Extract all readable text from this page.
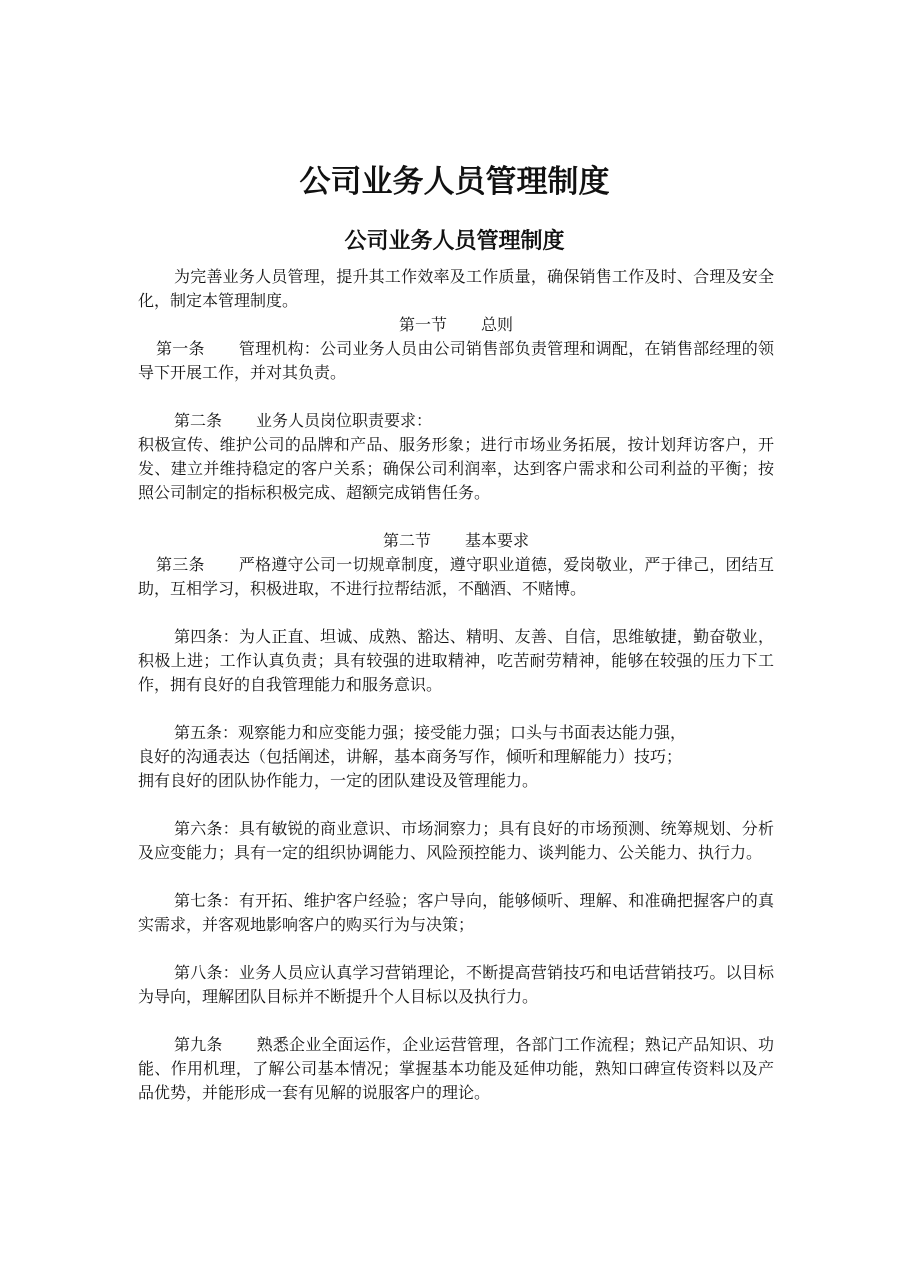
公司业务人员管理制度
公司业务人员管理制度

为完善业务人员管理，提升其工作效率及工作质量，确保销售工作及时、合理及安全化，制定本管理制度。

第一节 总则

第一条 管理机构：公司业务人员由公司销售部负责管理和调配，在销售部经理的领导下开展工作，并对其负责。

第二条 业务人员岗位职责要求：

积极宣传、维护公司的品牌和产品、服务形象；进行市场业务拓展，按计划拜访客户，开发、建立并维持稳定的客户关系；确保公司利润率，达到客户需求和公司利益的平衡；按照公司制定的指标积极完成、超额完成销售任务。

第二节 基本要求

第三条 严格遵守公司一切规章制度，遵守职业道德，爱岗敬业，严于律己，团结互助，互相学习，积极进取，不进行拉帮结派，不酗酒、不赌博。

第四条：为人正直、坦诚、成熟、豁达、精明、友善、自信，思维敏捷，勤奋敬业，积极上进；工作认真负责；具有较强的进取精神，吃苦耐劳精神，能够在较强的压力下工作，拥有良好的自我管理能力和服务意识。

第五条：观察能力和应变能力强；接受能力强；口头与书面表达能力强，

良好的沟通表达（包括阐述，讲解，基本商务写作，倾听和理解能力）技巧；

拥有良好的团队协作能力，一定的团队建设及管理能力。

第六条：具有敏锐的商业意识、市场洞察力；具有良好的市场预测、统筹规划、分析及应变能力；具有一定的组织协调能力、风险预控能力、谈判能力、公关能力、执行力。

第七条：有开拓、维护客户经验；客户导向，能够倾听、理解、和准确把握客户的真实需求，并客观地影响客户的购买行为与决策；

第八条：业务人员应认真学习营销理论，不断提高营销技巧和电话营销技巧。以目标为导向，理解团队目标并不断提升个人目标以及执行力。

第九条 熟悉企业全面运作，企业运营管理，各部门工作流程；熟记产品知识、功能、作用机理，了解公司基本情况；掌握基本功能及延伸功能，熟知口碑宣传资料以及产品优势，并能形成一套有见解的说服客户的理论。
